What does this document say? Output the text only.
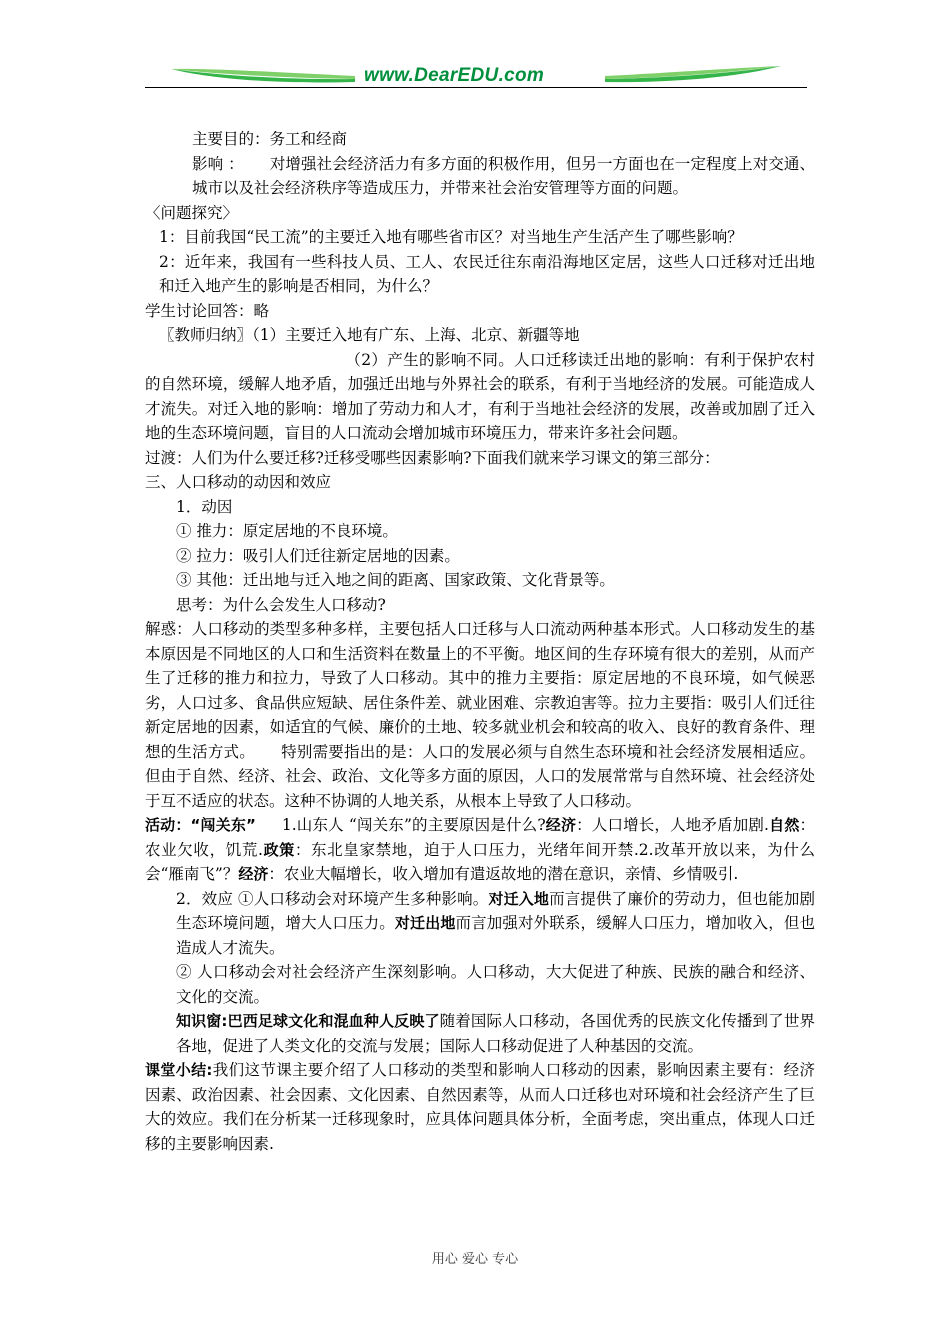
www.DearEDU.com

主要目的：务工和经商

影响 ： 对增强社会经济活力有多方面的积极作用，但另一方面也在一定程度上对交通、城市以及社会经济秩序等造成压力，并带来社会治安管理等方面的问题。

〈问题探究〉

1：目前我国“民工流”的主要迁入地有哪些省市区？对当地生产生活产生了哪些影响？

2：近年来，我国有一些科技人员、工人、农民迁往东南沿海地区定居，这些人口迁移对迁出地和迁入地产生的影响是否相同，为什么？

学生讨论回答：略

〖教师归纳〗（1）主要迁入地有广东、上海、北京、新疆等地

（2）产生的影响不同。人口迁移读迁出地的影响：有利于保护农村的自然环境，缓解人地矛盾，加强迁出地与外界社会的联系，有利于当地经济的发展。可能造成人才流失。对迁入地的影响：增加了劳动力和人才，有利于当地社会经济的发展，改善或加剧了迁入地的生态环境问题，盲目的人口流动会增加城市环境压力，带来许多社会问题。

过渡：人们为什么要迁移?迁移受哪些因素影响?下面我们就来学习课文的第三部分：

三、人口移动的动因和效应

1．动因

① 推力：原定居地的不良环境。

② 拉力：吸引人们迁往新定居地的因素。

③ 其他：迁出地与迁入地之间的距离、国家政策、文化背景等。

思考：为什么会发生人口移动?

解惑：人口移动的类型多种多样，主要包括人口迁移与人口流动两种基本形式。人口移动发生的基本原因是不同地区的人口和生活资料在数量上的不平衡。地区间的生存环境有很大的差别，从而产生了迁移的推力和拉力，导致了人口移动。其中的推力主要指：原定居地的不良环境，如气候恶劣，人口过多、食品供应短缺、居住条件差、就业困难、宗教迫害等。拉力主要指：吸引人们迁往新定居地的因素，如适宜的气候、廉价的土地、较多就业机会和较高的收入、良好的教育条件、理想的生活方式。 特别需要指出的是：人口的发展必须与自然生态环境和社会经济发展相适应。但由于自然、经济、社会、政治、文化等多方面的原因，人口的发展常常与自然环境、社会经济处于互不适应的状态。这种不协调的人地关系，从根本上导致了人口移动。

活动：“闯关东” 1.山东人 “闯关东”的主要原因是什么?经济：人口增长，人地矛盾加剧.自然：农业欠收，饥荒.政策：东北皇家禁地，迫于人口压力，光绪年间开禁.2.改革开放以来，为什么会“雁南飞”？经济：农业大幅增长，收入增加有遣返故地的潜在意识，亲情、乡情吸引.

2．效应 ①人口移动会对环境产生多种影响。对迁入地而言提供了廉价的劳动力，但也能加剧生态环境问题，增大人口压力。对迁出地而言加强对外联系，缓解人口压力，增加收入，但也造成人才流失。

② 人口移动会对社会经济产生深刻影响。人口移动，大大促进了种族、民族的融合和经济、文化的交流。

知识窗:巴西足球文化和混血种人反映了随着国际人口移动，各国优秀的民族文化传播到了世界各地，促进了人类文化的交流与发展；国际人口移动促进了人种基因的交流。

课堂小结:我们这节课主要介绍了人口移动的类型和影响人口移动的因素，影响因素主要有：经济因素、政治因素、社会因素、文化因素、自然因素等，从而人口迁移也对环境和社会经济产生了巨大的效应。我们在分析某一迁移现象时，应具体问题具体分析，全面考虑，突出重点，体现人口迁移的主要影响因素.

用心 爱心 专心
